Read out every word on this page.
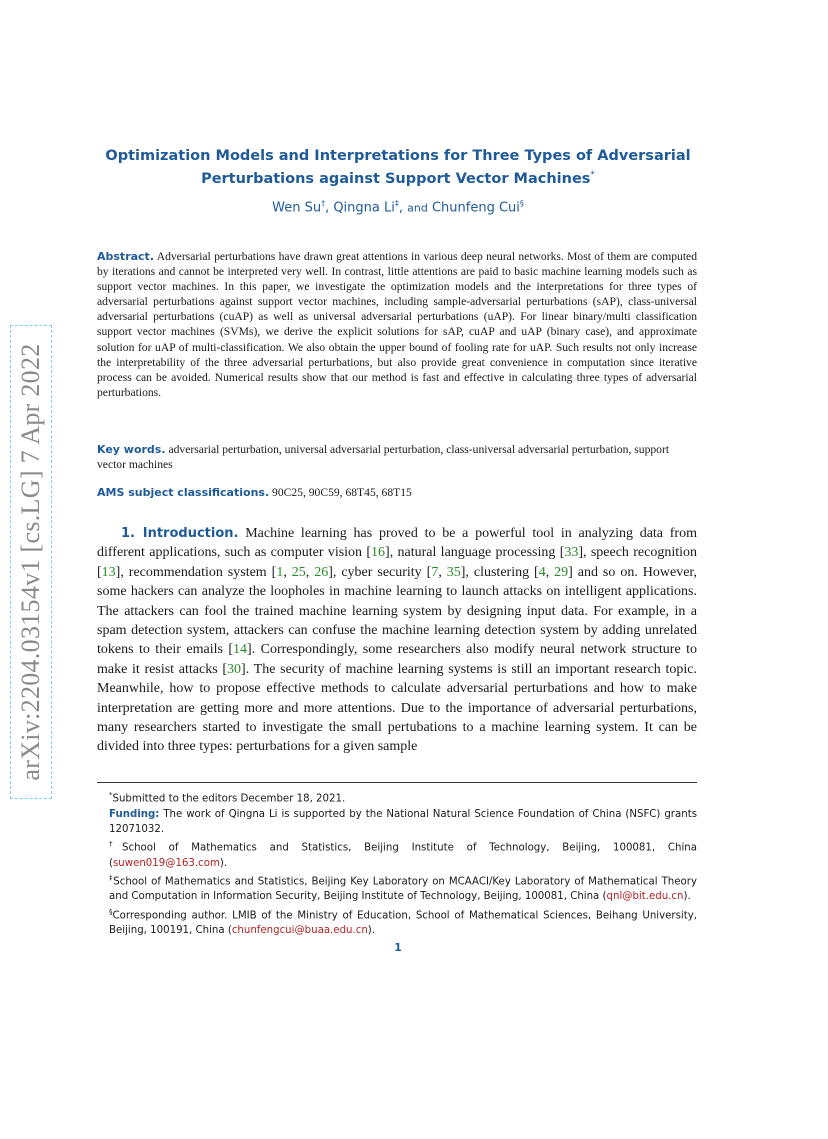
arXiv:2204.03154v1 [cs.LG] 7 Apr 2022
Optimization Models and Interpretations for Three Types of Adversarial
Perturbations against Support Vector Machines*
Wen Su†, Qingna Li‡, and Chunfeng Cui§
Abstract. Adversarial perturbations have drawn great attentions in various deep neural networks. Most of them are computed by iterations and cannot be interpreted very well. In contrast, little attentions are paid to basic machine learning models such as support vector machines. In this paper, we investigate the optimization models and the interpretations for three types of adversarial perturbations against support vector machines, including sample-adversarial perturbations (sAP), class-universal adversarial perturbations (cuAP) as well as universal adversarial perturbations (uAP). For linear binary/multi classification support vector machines (SVMs), we derive the explicit solutions for sAP, cuAP and uAP (binary case), and approximate solution for uAP of multi-classification. We also obtain the upper bound of fooling rate for uAP. Such results not only increase the interpretability of the three adversarial perturbations, but also provide great convenience in computation since iterative process can be avoided. Numerical results show that our method is fast and effective in calculating three types of adversarial perturbations.
Key words. adversarial perturbation, universal adversarial perturbation, class-universal adversarial perturbation, support vector machines
AMS subject classifications. 90C25, 90C59, 68T45, 68T15
1. Introduction. Machine learning has proved to be a powerful tool in analyzing data from different applications, such as computer vision [16], natural language processing [33], speech recognition [13], recommendation system [1, 25, 26], cyber security [7, 35], clustering [4, 29] and so on. However, some hackers can analyze the loopholes in machine learning to launch attacks on intelligent applications. The attackers can fool the trained machine learning system by designing input data. For example, in a spam detection system, attackers can confuse the machine learning detection system by adding unrelated tokens to their emails [14]. Correspondingly, some researchers also modify neural network structure to make it resist attacks [30]. The security of machine learning systems is still an important research topic. Meanwhile, how to propose effective methods to calculate adversarial perturbations and how to make interpretation are getting more and more attentions. Due to the importance of adversarial perturbations, many researchers started to investigate the small pertubations to a machine learning system. It can be divided into three types: perturbations for a given sample

*Submitted to the editors December 18, 2021.

Funding: The work of Qingna Li is supported by the National Natural Science Foundation of China (NSFC) grants 12071032.

†School of Mathematics and Statistics, Beijing Institute of Technology, Beijing, 100081, China (suwen019@163.com).

‡School of Mathematics and Statistics, Beijing Key Laboratory on MCAACI/Key Laboratory of Mathematical Theory and Computation in Information Security, Beijing Institute of Technology, Beijing, 100081, China (qnl@bit.edu.cn).

§Corresponding author. LMIB of the Ministry of Education, School of Mathematical Sciences, Beihang University, Beijing, 100191, China (chunfengcui@buaa.edu.cn).

1
